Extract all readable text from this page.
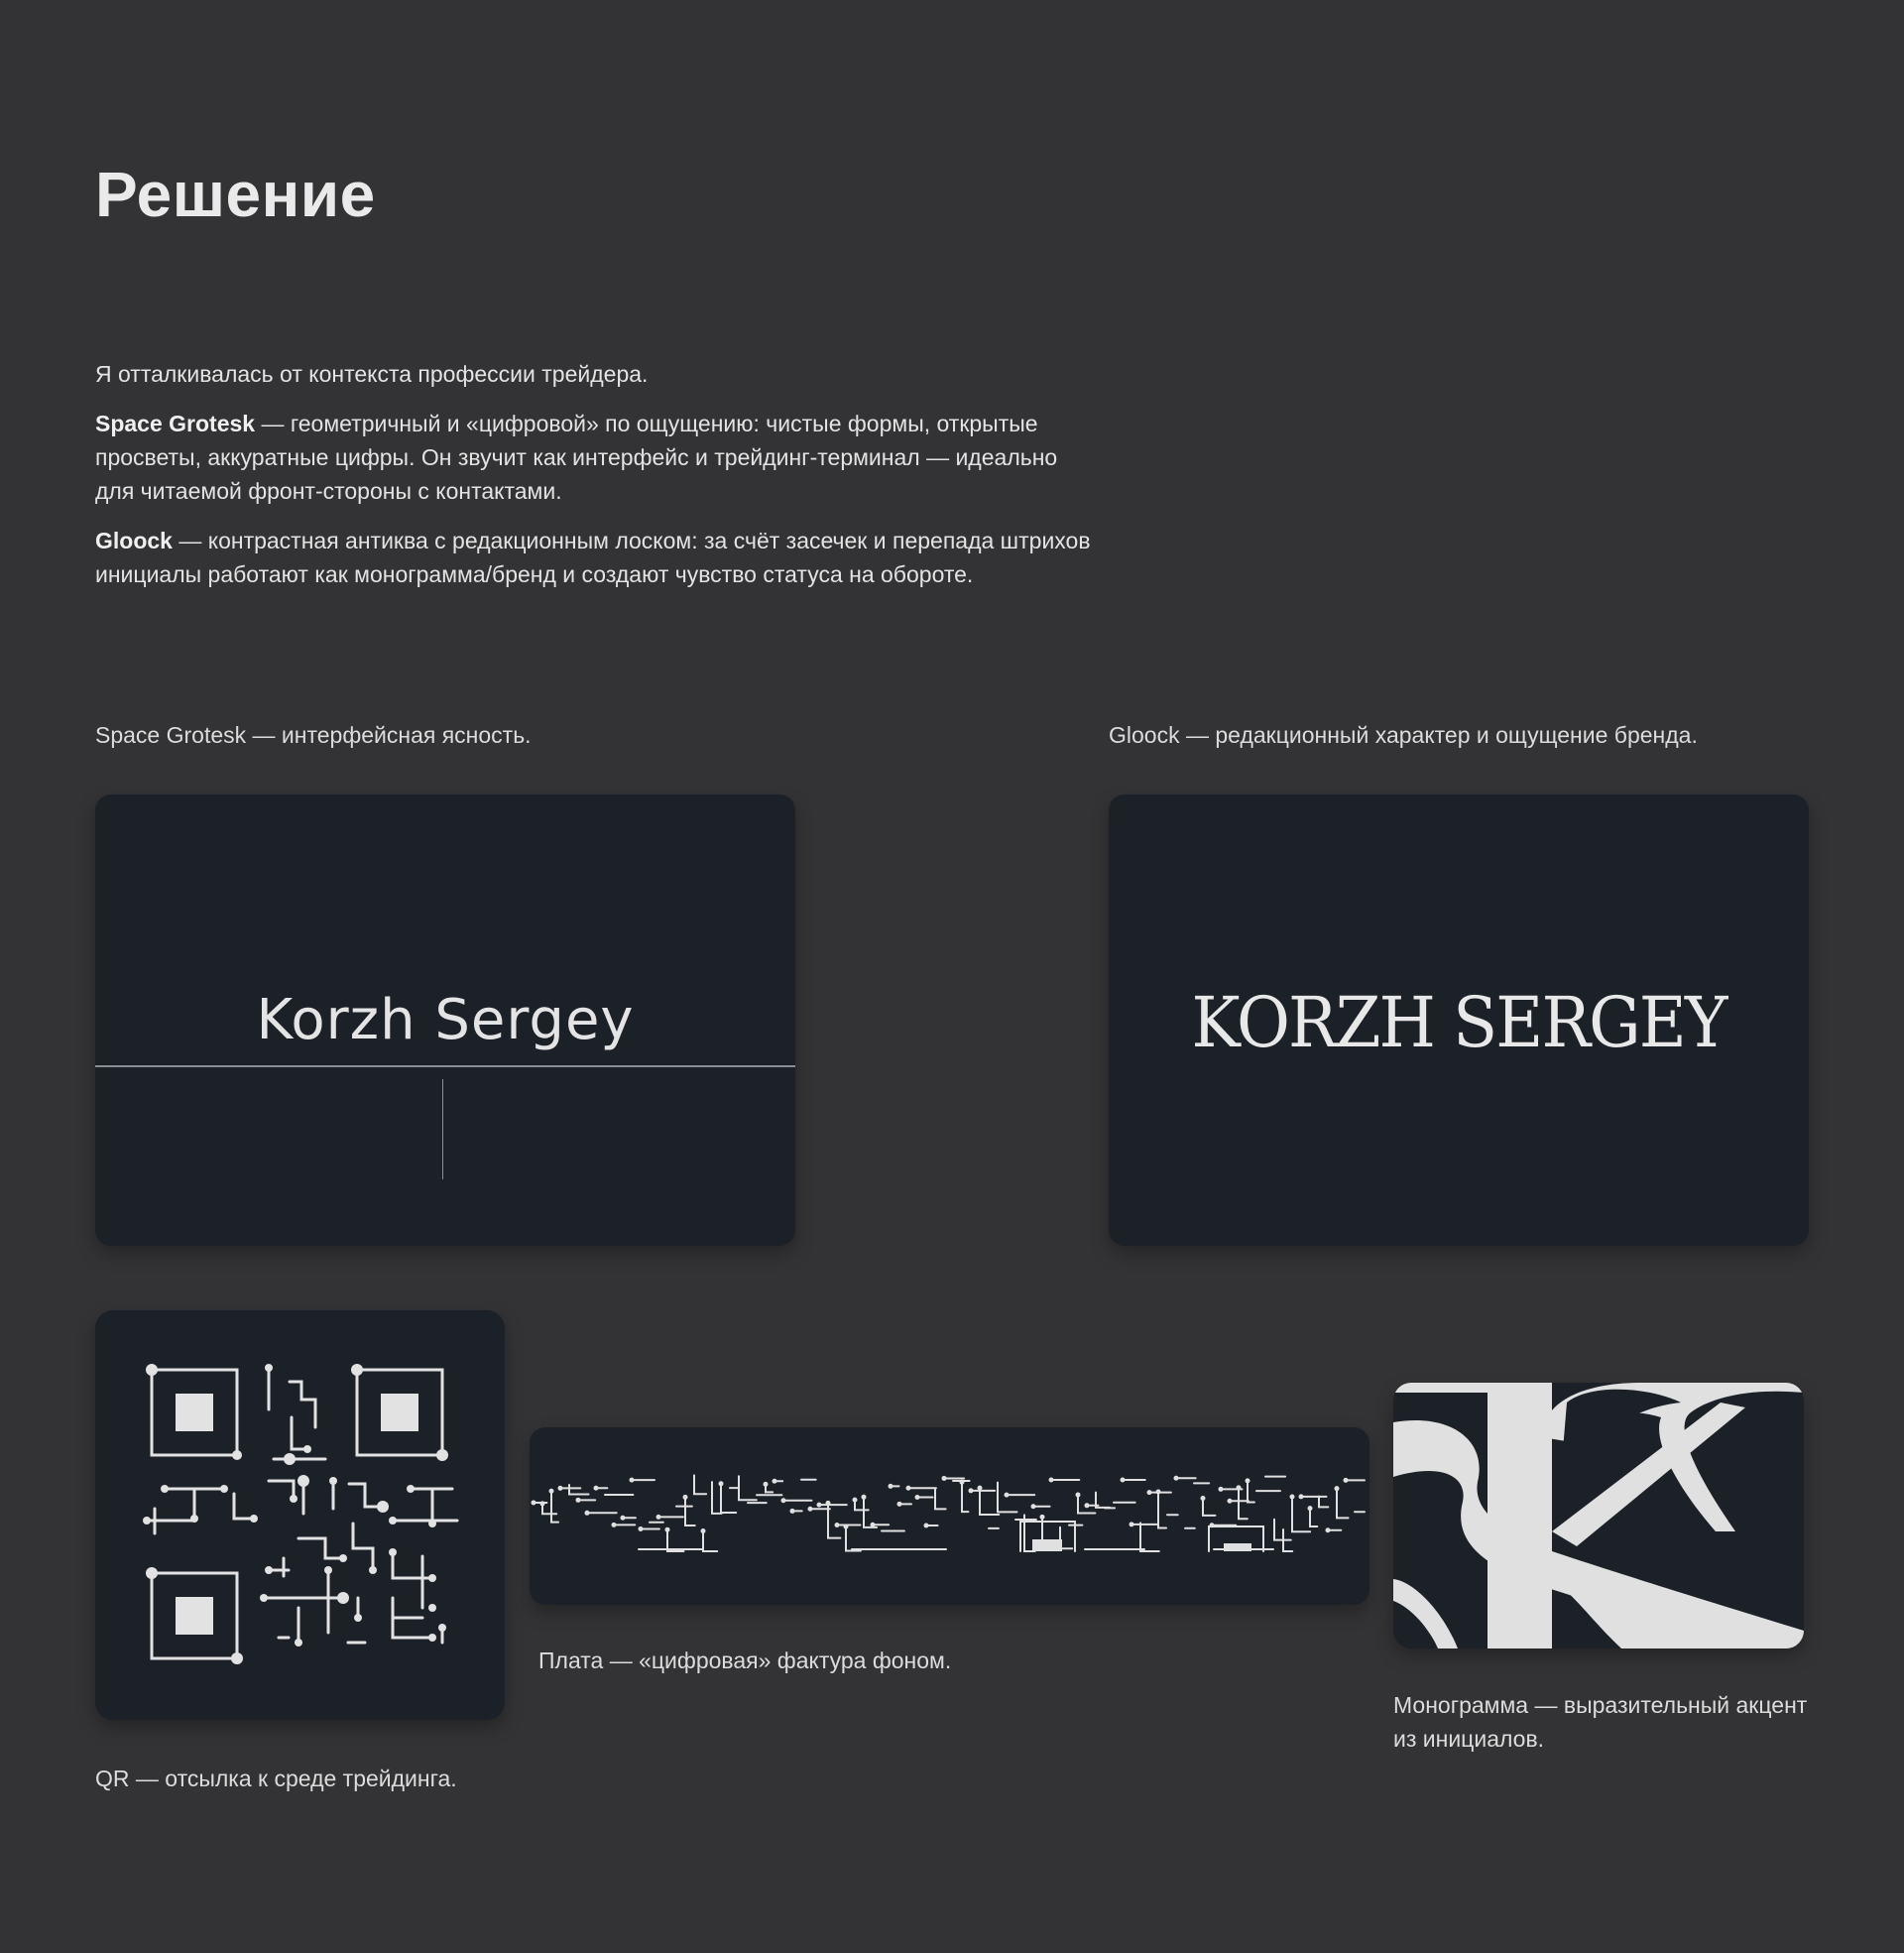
Решение

Я отталкивалась от контекста профессии трейдера.

Space Grotesk — геометричный и «цифровой» по ощущению: чистые формы, открытые просветы, аккуратные цифры. Он звучит как интерфейс и трейдинг-терминал — идеально для читаемой фронт-стороны с контактами.

Gloock — контрастная антиква с редакционным лоском: за счёт засечек и перепада штрихов инициалы работают как монограмма/бренд и создают чувство статуса на обороте.

Space Grotesk — интерфейсная ясность.	Gloock — редакционный характер и ощущение бренда.
Korzh Sergey	KORZH SERGEY
QR — отсылка к среде трейдинга.
Плата — «цифровая» фактура фоном.
Монограмма — выразительный акцент из инициалов.
